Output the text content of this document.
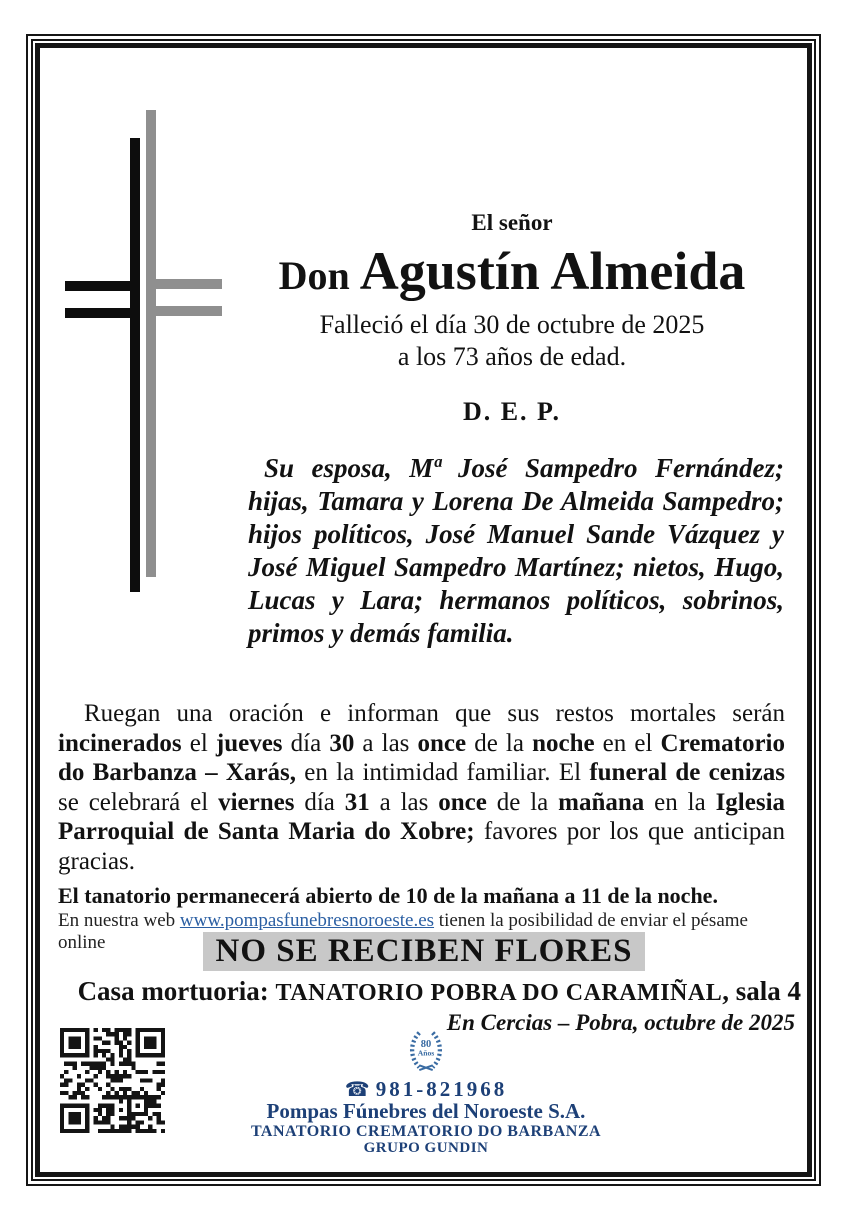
El señor
Don Agustín Almeida
Falleció el día 30 de octubre de 2025
a los 73 años de edad.
D. E. P.

Su esposa, Mª José Sampedro Fernández; hijas, Tamara y Lorena De Almeida Sampedro; hijos políticos, José Manuel Sande Vázquez y José Miguel Sampedro Martínez; nietos, Hugo, Lucas y Lara; hermanos políticos, sobrinos, primos y demás familia.

Ruegan una oración e informan que sus restos mortales serán incinerados el jueves día 30 a las once de la noche en el Crematorio do Barbanza – Xarás, en la intimidad familiar. El funeral de cenizas se celebrará el viernes día 31 a las once de la mañana en la Iglesia Parroquial de Santa Maria do Xobre; favores por los que anticipan gracias.

El tanatorio permanecerá abierto de 10 de la mañana a 11 de la noche.

En nuestra web www.pompasfunebresnoroeste.es tienen la posibilidad de enviar el pésame online	NO SE RECIBEN FLORES

Casa mortuoria: TANATORIO POBRA DO CARAMIÑAL, sala 4

En Cercias – Pobra, octubre de 2025

80
Años
☎ 981-821968
Pompas Fúnebres del Noroeste S.A.
TANATORIO CREMATORIO DO BARBANZA
GRUPO GUNDIN
